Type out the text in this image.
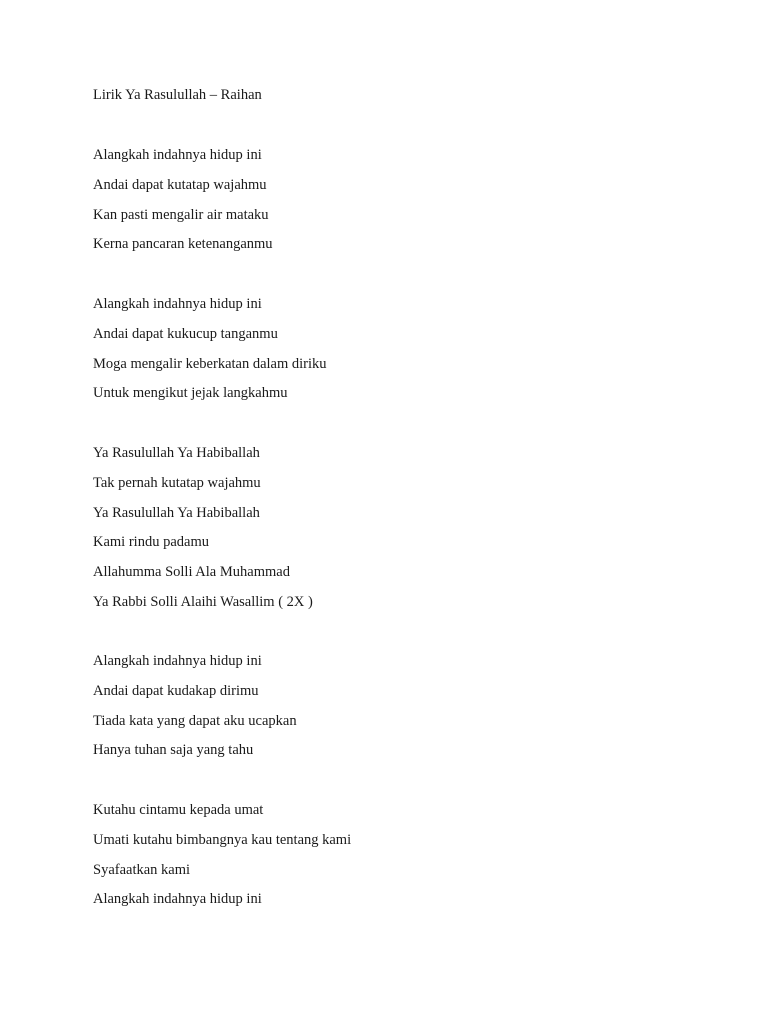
Lirik Ya Rasulullah – Raihan
Alangkah indahnya hidup ini
Andai dapat kutatap wajahmu
Kan pasti mengalir air mataku
Kerna pancaran ketenanganmu
Alangkah indahnya hidup ini
Andai dapat kukucup tanganmu
Moga mengalir keberkatan dalam diriku
Untuk mengikut jejak langkahmu
Ya Rasulullah Ya Habiballah
Tak pernah kutatap wajahmu
Ya Rasulullah Ya Habiballah
Kami rindu padamu
Allahumma Solli Ala Muhammad
Ya Rabbi Solli Alaihi Wasallim ( 2X )
Alangkah indahnya hidup ini
Andai dapat kudakap dirimu
Tiada kata yang dapat aku ucapkan
Hanya tuhan saja yang tahu
Kutahu cintamu kepada umat
Umati kutahu bimbangnya kau tentang kami
Syafaatkan kami
Alangkah indahnya hidup ini
